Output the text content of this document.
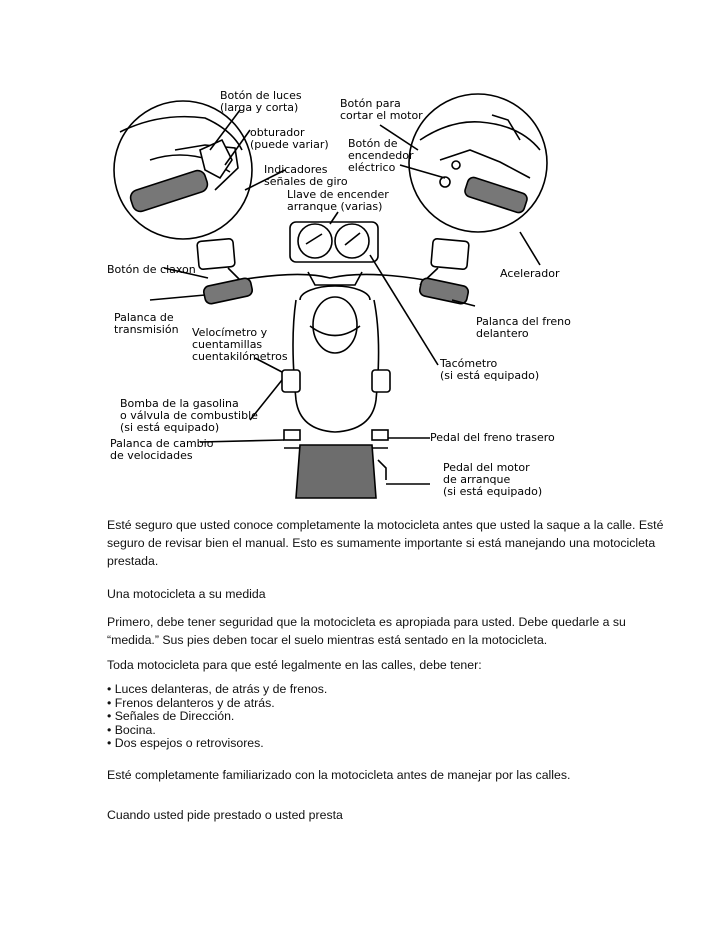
Botón de luces
(larga y corta)	Botón para
cortar el motor
obturador
(puede variar) Botón de
encendedor
eléctrico
Indicadores
señales de giro
Llave de encender
arranque (varias)
Botón de claxon	Acelerador
Palanca de
transmisión Velocímetro y
cuentamillas
cuentakilómetros
Palanca del freno
delantero
Tacómetro
(si está equipado)
Bomba de la gasolina
o válvula de combustible
(si está equipado)
Palanca de cambio
de velocidades
Pedal del freno trasero
Pedal del motor
de arranque
(si está equipado)
Esté seguro que usted conoce completamente la motocicleta antes que usted la saque a la calle. Esté
seguro de revisar bien el manual. Esto es sumamente importante si está manejando una motocicleta
prestada.
Una motocicleta a su medida
Primero, debe tener seguridad que la motocicleta es apropiada para usted. Debe quedarle a su
“medida.” Sus pies deben tocar el suelo mientras está sentado en la motocicleta.
Toda motocicleta para que esté legalmente en las calles, debe tener:
• Luces delanteras, de atrás y de frenos.
• Frenos delanteros y de atrás.
• Señales de Dirección.
• Bocina.
• Dos espejos o retrovisores.
Esté completamente familiarizado con la motocicleta antes de manejar por las calles.
Cuando usted pide prestado o usted presta
